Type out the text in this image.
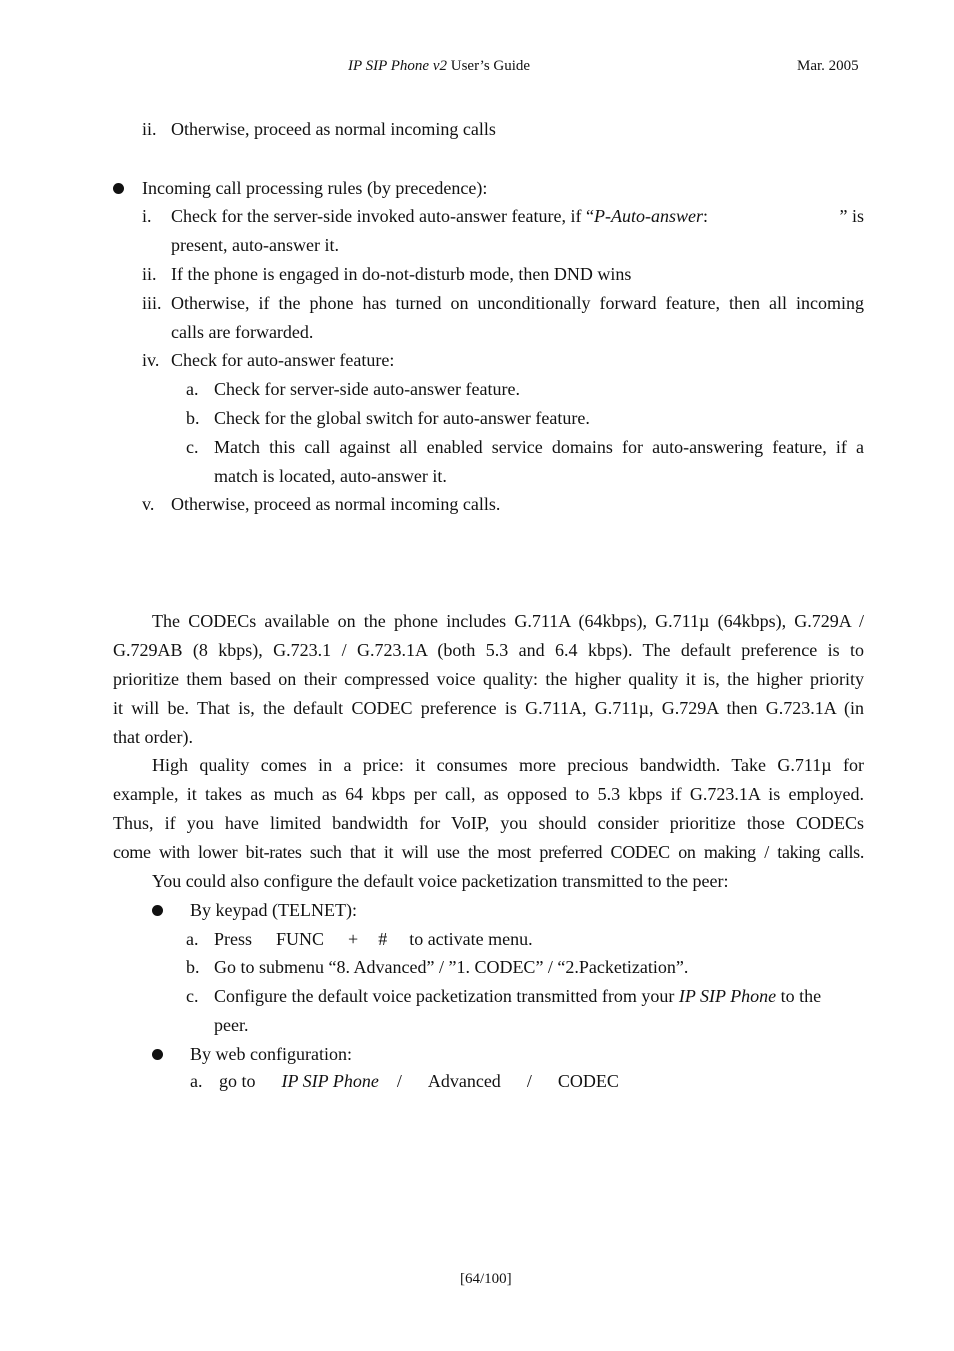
IP SIP Phone v2 User’s Guide	Mar. 2005
ii. Otherwise, proceed as normal incoming calls
Incoming call processing rules (by precedence):
i. Check for the server-side invoked auto-answer feature, if “P-Auto-answer:	” is
present, auto-answer it.
ii. If the phone is engaged in do-not-disturb mode, then DND wins
iii. Otherwise, if the phone has turned on unconditionally forward feature, then all incoming
calls are forwarded.
iv. Check for auto-answer feature:
a. Check for server-side auto-answer feature.
b. Check for the global switch for auto-answer feature.
c. Match this call against all enabled service domains for auto-answering feature, if a
match is located, auto-answer it.
v. Otherwise, proceed as normal incoming calls.
The CODECs available on the phone includes G.711A (64kbps), G.711µ (64kbps), G.729A /
G.729AB (8 kbps), G.723.1 / G.723.1A (both 5.3 and 6.4 kbps). The default preference is to
prioritize them based on their compressed voice quality: the higher quality it is, the higher priority
it will be. That is, the default CODEC preference is G.711A, G.711µ, G.729A then G.723.1A (in
that order).
High quality comes in a price: it consumes more precious bandwidth. Take G.711µ for
example, it takes as much as 64 kbps per call, as opposed to 5.3 kbps if G.723.1A is employed.
Thus, if you have limited bandwidth for VoIP, you should consider prioritize those CODECs
come with lower bit-rates such that it will use the most preferred CODEC on making / taking calls.
You could also configure the default voice packetization transmitted to the peer:
By keypad (TELNET):
a. Press FUNC + # to activate menu.
b. Go to submenu “8. Advanced” / ”1. CODEC” / “2.Packetization”.
c. Configure the default voice packetization transmitted from your IP SIP Phone to the
peer.
By web configuration:
a. go to IP SIP Phone / Advanced / CODEC
[64/100]
